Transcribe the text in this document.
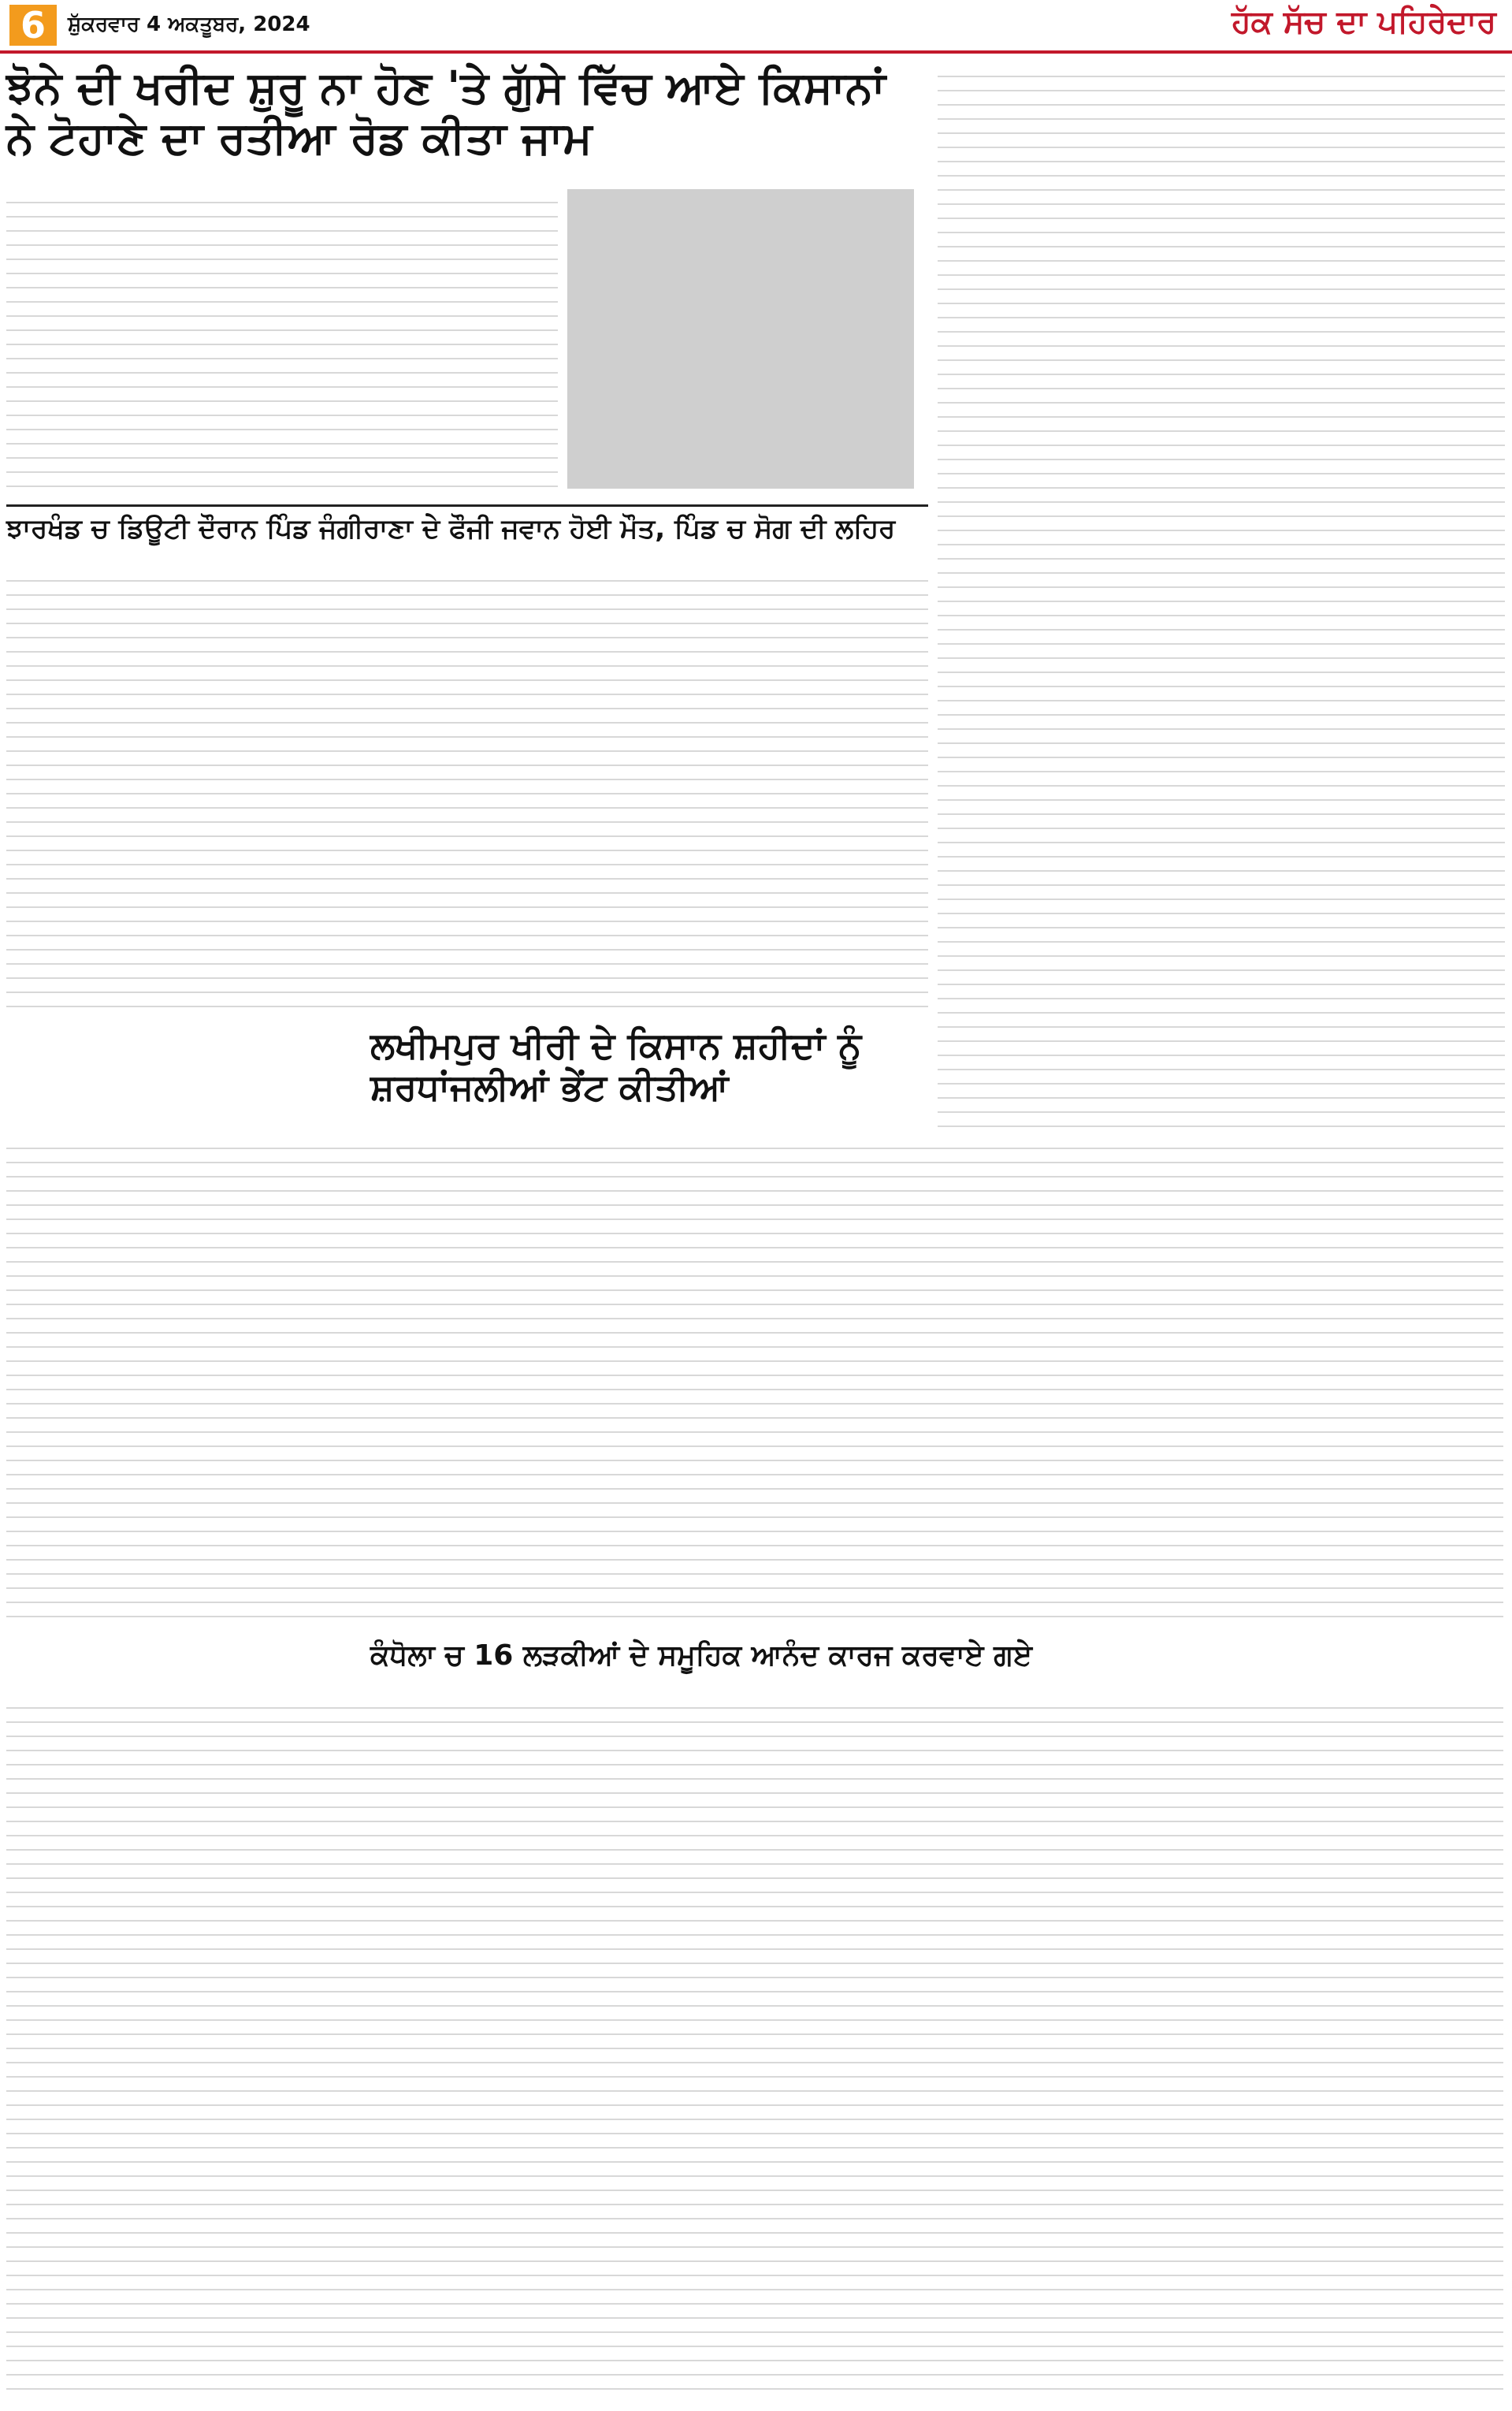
6	ਸ਼ੁੱਕਰਵਾਰ 4 ਅਕਤੂਬਰ, 2024	ਹੱਕ ਸੱਚ ਦਾ ਪਹਿਰੇਦਾਰ
ਝੋਨੇ ਦੀ ਖਰੀਦ ਸ਼ੁਰੂ ਨਾ ਹੋਣ 'ਤੇ ਗੁੱਸੇ ਵਿੱਚ ਆਏ ਕਿਸਾਨਾਂ ਨੇ ਟੋਹਾਣੇ ਦਾ ਰਤੀਆ ਰੋਡ ਕੀਤਾ ਜਾਮ
ਝਾਰਖੰਡ ਚ ਡਿਊਟੀ ਦੌਰਾਨ ਪਿੰਡ ਜੰਗੀਰਾਣਾ ਦੇ ਫੌਜੀ ਜਵਾਨ ਹੋਈ ਮੌਤ, ਪਿੰਡ ਚ ਸੋਗ ਦੀ ਲਹਿਰ
ਲਖੀਮਪੁਰ ਖੀਰੀ ਦੇ ਕਿਸਾਨ ਸ਼ਹੀਦਾਂ ਨੂੰ ਸ਼ਰਧਾਂਜਲੀਆਂ ਭੇਂਟ ਕੀਤੀਆਂ
ਕੰਧੋਲਾ ਚ 16 ਲੜਕੀਆਂ ਦੇ ਸਮੂਹਿਕ ਆਨੰਦ ਕਾਰਜ ਕਰਵਾਏ ਗਏ
